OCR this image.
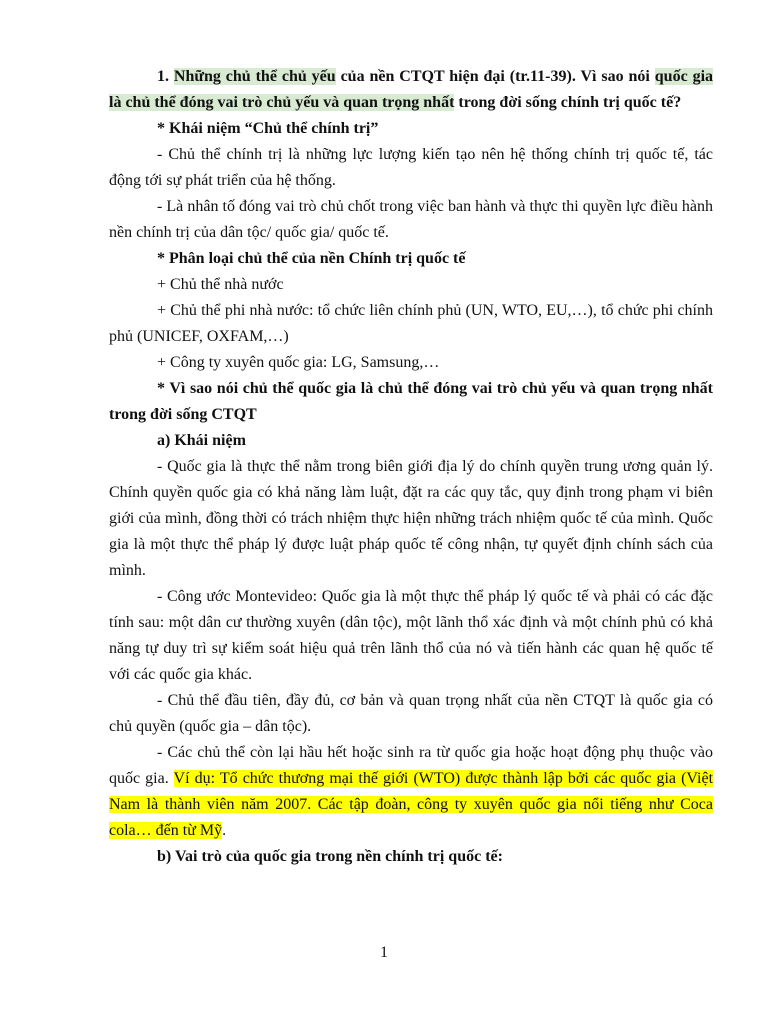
1. Những chủ thể chủ yếu của nền CTQT hiện đại (tr.11-39). Vì sao nói quốc gia là chủ thể đóng vai trò chủ yếu và quan trọng nhất trong đời sống chính trị quốc tế?

* Khái niệm “Chủ thể chính trị”

- Chủ thể chính trị là những lực lượng kiến tạo nên hệ thống chính trị quốc tế, tác động tới sự phát triển của hệ thống.

- Là nhân tố đóng vai trò chủ chốt trong việc ban hành và thực thi quyền lực điều hành nền chính trị của dân tộc/ quốc gia/ quốc tế.

* Phân loại chủ thể của nền Chính trị quốc tế

+ Chủ thể nhà nước

+ Chủ thể phi nhà nước: tổ chức liên chính phủ (UN, WTO, EU,…), tổ chức phi chính phủ (UNICEF, OXFAM,…)

+ Công ty xuyên quốc gia: LG, Samsung,…

* Vì sao nói chủ thể quốc gia là chủ thể đóng vai trò chủ yếu và quan trọng nhất trong đời sống CTQT

a) Khái niệm

- Quốc gia là thực thể nằm trong biên giới địa lý do chính quyền trung ương quản lý. Chính quyền quốc gia có khả năng làm luật, đặt ra các quy tắc, quy định trong phạm vi biên giới của mình, đồng thời có trách nhiệm thực hiện những trách nhiệm quốc tế của mình. Quốc gia là một thực thể pháp lý được luật pháp quốc tế công nhận, tự quyết định chính sách của mình.

- Công ước Montevideo: Quốc gia là một thực thể pháp lý quốc tế và phải có các đặc tính sau: một dân cư thường xuyên (dân tộc), một lãnh thổ xác định và một chính phủ có khả năng tự duy trì sự kiểm soát hiệu quả trên lãnh thổ của nó và tiến hành các quan hệ quốc tế với các quốc gia khác.

- Chủ thể đầu tiên, đầy đủ, cơ bản và quan trọng nhất của nền CTQT là quốc gia có chủ quyền (quốc gia – dân tộc).

- Các chủ thể còn lại hầu hết hoặc sinh ra từ quốc gia hoặc hoạt động phụ thuộc vào quốc gia. Ví dụ: Tổ chức thương mại thế giới (WTO) được thành lập bởi các quốc gia (Việt Nam là thành viên năm 2007. Các tập đoàn, công ty xuyên quốc gia nổi tiếng như Coca cola… đến từ Mỹ.

b) Vai trò của quốc gia trong nền chính trị quốc tế:

1
